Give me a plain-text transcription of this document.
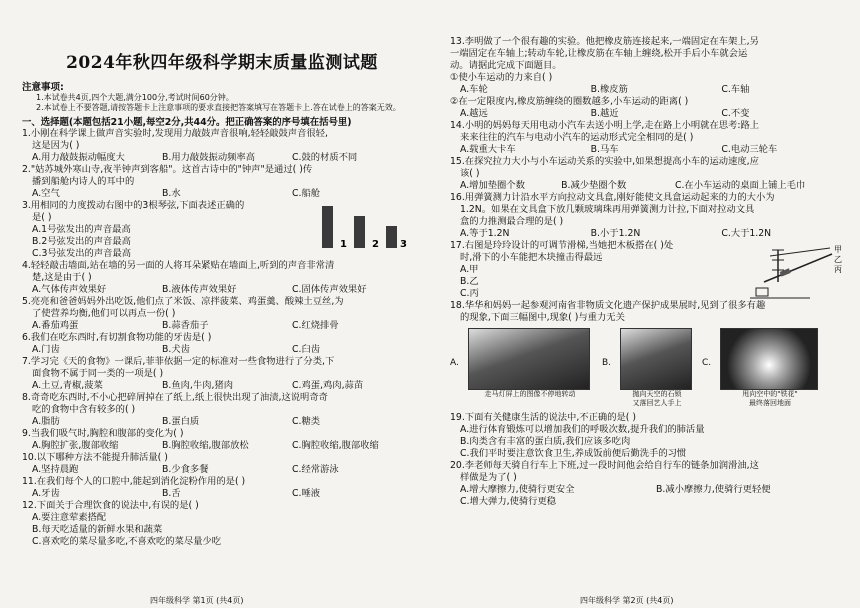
2024年秋四年级科学期末质量监测试题
注意事项:
1.本试卷共4页,四个大题,满分100分,考试时间60分钟。
2.本试卷上不要答题,请按答题卡上注意事项的要求直接把答案填写在答题卡上.答在试卷上的答案无效。
一、选择题(本题包括21小题,每空2分,共44分。把正确答案的序号填在括号里)
1.小刚在科学课上做声音实验时,发现用力敲鼓声音很响,轻轻敲鼓声音很轻,
这是因为( )
A.用力敲鼓振动幅度大	B.用力敲鼓振动频率高	C.鼓的材质不同
2."姑苏城外寒山寺,夜半钟声到客船"。这首古诗中的"钟声"是通过( )传
播到船舱内诗人的耳中的
A.空气	B.水	C.船舱
3.用相同的力度拨动右图中的3根琴弦,下面表述正确的
是( )
A.1号弦发出的声音最高
B.2号弦发出的声音最高
C.3号弦发出的声音最高
1	2 3
4.轻轻敲击墙面,站在墙的另一面的人将耳朵紧贴在墙面上,听到的声音非常清
楚,这是由于( )
A.气体传声效果好	B.液体传声效果好	C.固体传声效果好
5.亮亮和爸爸妈妈外出吃饭,他们点了米饭、凉拌菠菜、鸡蛋羹、酸辣土豆丝,为
了使营养均衡,他们可以再点一份( )
A.番茄鸡蛋	B.蒜香茄子	C.红烧排骨
6.我们在吃东西时,有切割食物功能的牙齿是( )
A.门齿	B.犬齿	C.臼齿
7.学习完《天的食物》一课后,菲菲依据一定的标准对一些食物进行了分类,下
面食物不属于同一类的一项是( )
A.土豆,青椒,菠菜	B.鱼肉,牛肉,猪肉	C.鸡蛋,鸡肉,蒜苗
8.奇奇吃东西时,不小心把碎屑掉在了纸上,纸上很快出现了油渍,这说明奇奇
吃的食物中含有较多的( )
A.脂肪	B.蛋白质	C.糖类
9.当我们吸气时,胸腔和腹部的变化为( )
A.胸腔扩张,腹部收缩	B.胸腔收缩,腹部放松	C.胸腔收缩,腹部收缩
10.以下哪种方法不能提升肺活量( )
A.坚持晨跑	B.少食多餐	C.经常游泳
11.在我们每个人的口腔中,能起到消化淀粉作用的是( )
A.牙齿	B.舌	C.唾液
12.下面关于合理饮食的说法中,有误的是( )
A.要注意荤素搭配
B.每天吃适量的新鲜水果和蔬菜
C.喜欢吃的菜尽量多吃,不喜欢吃的菜尽量少吃
四年级科学 第1页 (共4页)
13.李明做了一个很有趣的实验。他把橡皮筋连接起来,一端固定在车架上,另
一端固定在车轴上;转动车轮,让橡皮筋在车轴上缠绕,松开手后小车就会运
动。请据此完成下面题目。
①使小车运动的力来自( )
A.车轮	B.橡皮筋	C.车轴
②在一定限度内,橡皮筋缠绕的圈数越多,小车运动的距离( )
A.越远	B.越近	C.不变
14.小明的妈妈每天用电动小汽车去送小明上学,走在路上小明就在思考:路上
来来往往的汽车与电动小汽车的运动形式完全相同的是( )
A.载重大卡车	B.马车	C.电动三轮车
15.在探究拉力大小与小车运动关系的实验中,如果想提高小车的运动速度,应
该( )
A.增加垫圈个数	B.减少垫圈个数	C.在小车运动的桌面上铺上毛巾
16.用弹簧测力计沿水平方向拉动文具盒,刚好能使文具盒运动起来的力的大小为
1.2N。如果在文具盒下放几颗玻璃珠再用弹簧测力计拉,下面对拉动文具
盒的力推测最合理的是( )
A.等于1.2N	B.小于1.2N	C.大于1.2N
17.右图是玲玲设计的可调节滑梯,当她把木板搭在( )处
时,滑下的小车能把木块撞击得最远
A.甲
B.乙
C.丙
甲
乙
丙
18.华华和妈妈一起参观河南省非物质文化遗产保护成果展时,见到了很多有趣
的现象,下面三幅图中,现象( )与重力无关
A.
走马灯屏上的图像不停地转动
B.
抛向天空的石锁
又落回艺人手上
C.
甩向空中的"铁花"
最终落回地面
19.下面有关健康生活的说法中,不正确的是( )
A.进行体育锻炼可以增加我们的呼吸次数,提升我们的肺活量
B.肉类含有丰富的蛋白质,我们应该多吃肉
C.我们平时要注意饮食卫生,养成饭前便后勤洗手的习惯
20.李老师每天骑自行车上下班,过一段时间他会给自行车的链条加润滑油,这
样做是为了( )
A.增大摩擦力,使骑行更安全	B.减小摩擦力,使骑行更轻便
C.增大弹力,使骑行更稳
四年级科学 第2页 (共4页)
